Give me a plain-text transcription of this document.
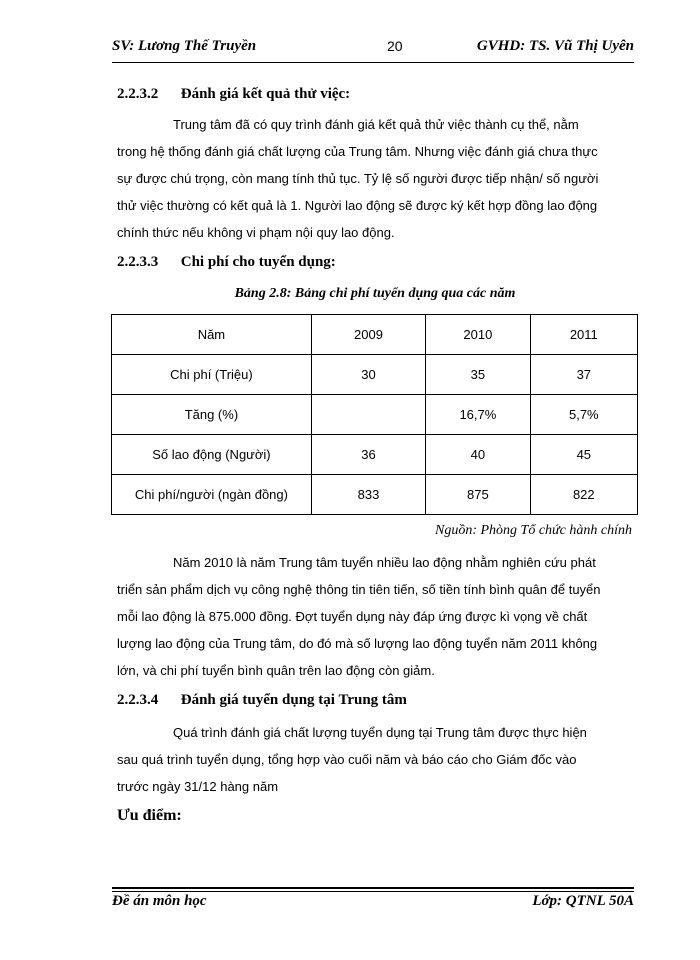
SV: Lương Thế Truyền	20	GVHD: TS. Vũ Thị Uyên
2.2.3.2 Đánh giá kết quả thử việc:
Trung tâm đã có quy trình đánh giá kết quả thử việc thành cụ thể, nằm
trong hệ thống đánh giá chất lượng của Trung tâm. Nhưng việc đánh giá chưa thực
sự được chú trọng, còn mang tính thủ tục. Tỷ lệ số người được tiếp nhận/ số người
thử việc thường có kết quả là 1. Người lao động sẽ được ký kết hợp đồng lao động
chính thức nếu không vi phạm nội quy lao động.
2.2.3.3 Chi phí cho tuyển dụng:
Bảng 2.8: Bảng chi phí tuyển dụng qua các năm
Năm	2009	2010	2011
Chi phí (Triệu)	30	35	37
Tăng (%)		16,7%	5,7%
Số lao động (Người)	36	40	45
Chi phí/người (ngàn đồng)	833	875	822
Nguồn: Phòng Tổ chức hành chính
Năm 2010 là năm Trung tâm tuyển nhiều lao động nhằm nghiên cứu phát
triển sản phẩm dịch vụ công nghệ thông tin tiên tiến, số tiền tính bình quân để tuyển
mỗi lao động là 875.000 đồng. Đợt tuyển dụng này đáp ứng được kì vọng về chất
lượng lao động của Trung tâm, do đó mà số lượng lao động tuyển năm 2011 không
lớn, và chi phí tuyển bình quân trên lao động còn giảm.
2.2.3.4 Đánh giá tuyển dụng tại Trung tâm
Quá trình đánh giá chất lượng tuyển dụng tại Trung tâm được thực hiện
sau quá trình tuyển dụng, tổng hợp vào cuối năm và báo cáo cho Giám đốc vào
trước ngày 31/12 hàng năm
Ưu điểm:
Đề án môn học	Lớp: QTNL 50A
